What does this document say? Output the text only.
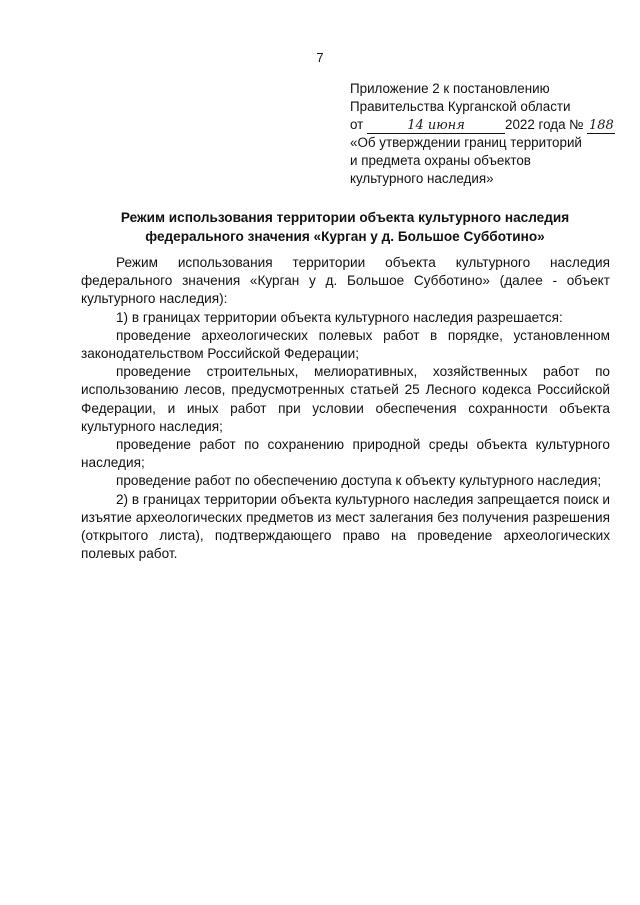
7
Приложение 2 к постановлению
Правительства Курганской области
от	14 июня	2022 года № 188
«Об утверждении границ территорий
и предмета охраны объектов
культурного наследия»
Режим использования территории объекта культурного наследия
федерального значения «Курган у д. Большое Субботино»

Режим использования территории объекта культурного наследия федерального значения «Курган у д. Большое Субботино» (далее - объект культурного наследия):

1) в границах территории объекта культурного наследия разрешается:

проведение археологических полевых работ в порядке, установленном законодательством Российской Федерации;

проведение строительных, мелиоративных, хозяйственных работ по использованию лесов, предусмотренных статьей 25 Лесного кодекса Российской Федерации, и иных работ при условии обеспечения сохранности объекта культурного наследия;

проведение работ по сохранению природной среды объекта культурного наследия;

проведение работ по обеспечению доступа к объекту культурного наследия;

2) в границах территории объекта культурного наследия запрещается поиск и изъятие археологических предметов из мест залегания без получения разрешения (открытого листа), подтверждающего право на проведение археологических полевых работ.
